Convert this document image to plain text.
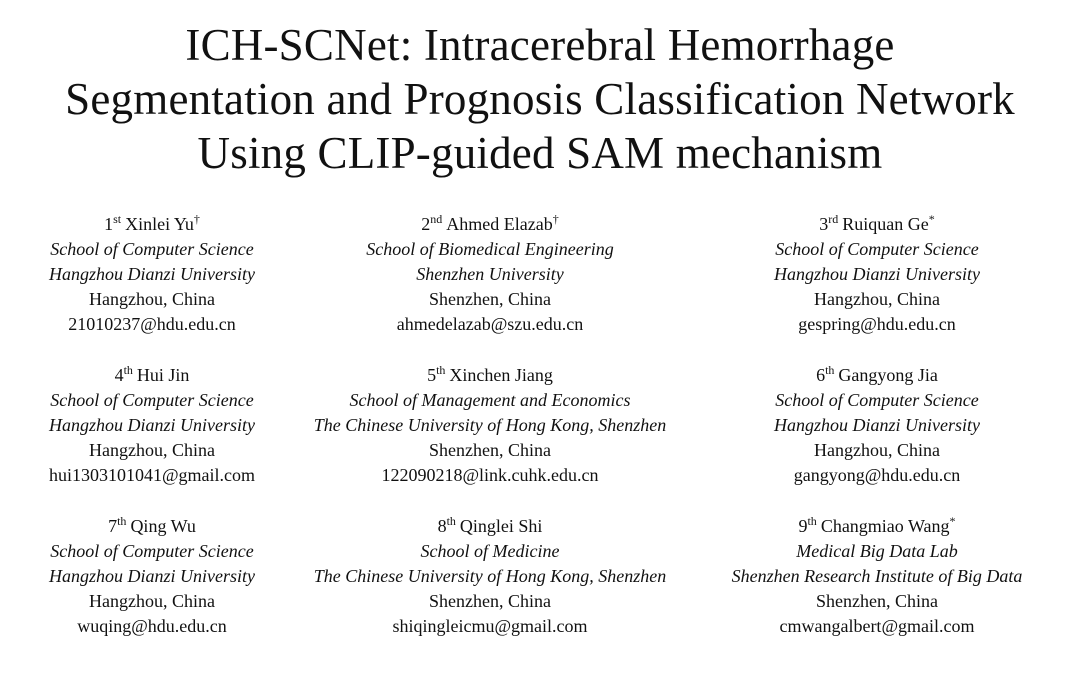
ICH-SCNet: Intracerebral Hemorrhage
Segmentation and Prognosis Classification Network
Using CLIP-guided SAM mechanism
1st Xinlei Yu†
School of Computer Science
Hangzhou Dianzi University
Hangzhou, China
21010237@hdu.edu.cn
2nd Ahmed Elazab†
School of Biomedical Engineering
Shenzhen University
Shenzhen, China
ahmedelazab@szu.edu.cn
3rd Ruiquan Ge*
School of Computer Science
Hangzhou Dianzi University
Hangzhou, China
gespring@hdu.edu.cn
4th Hui Jin
School of Computer Science
Hangzhou Dianzi University
Hangzhou, China
hui1303101041@gmail.com
5th Xinchen Jiang
School of Management and Economics
The Chinese University of Hong Kong, Shenzhen
Shenzhen, China
122090218@link.cuhk.edu.cn
6th Gangyong Jia
School of Computer Science
Hangzhou Dianzi University
Hangzhou, China
gangyong@hdu.edu.cn
7th Qing Wu
School of Computer Science
Hangzhou Dianzi University
Hangzhou, China
wuqing@hdu.edu.cn
8th Qinglei Shi
School of Medicine
The Chinese University of Hong Kong, Shenzhen
Shenzhen, China
shiqingleicmu@gmail.com
9th Changmiao Wang*
Medical Big Data Lab
Shenzhen Research Institute of Big Data
Shenzhen, China
cmwangalbert@gmail.com
